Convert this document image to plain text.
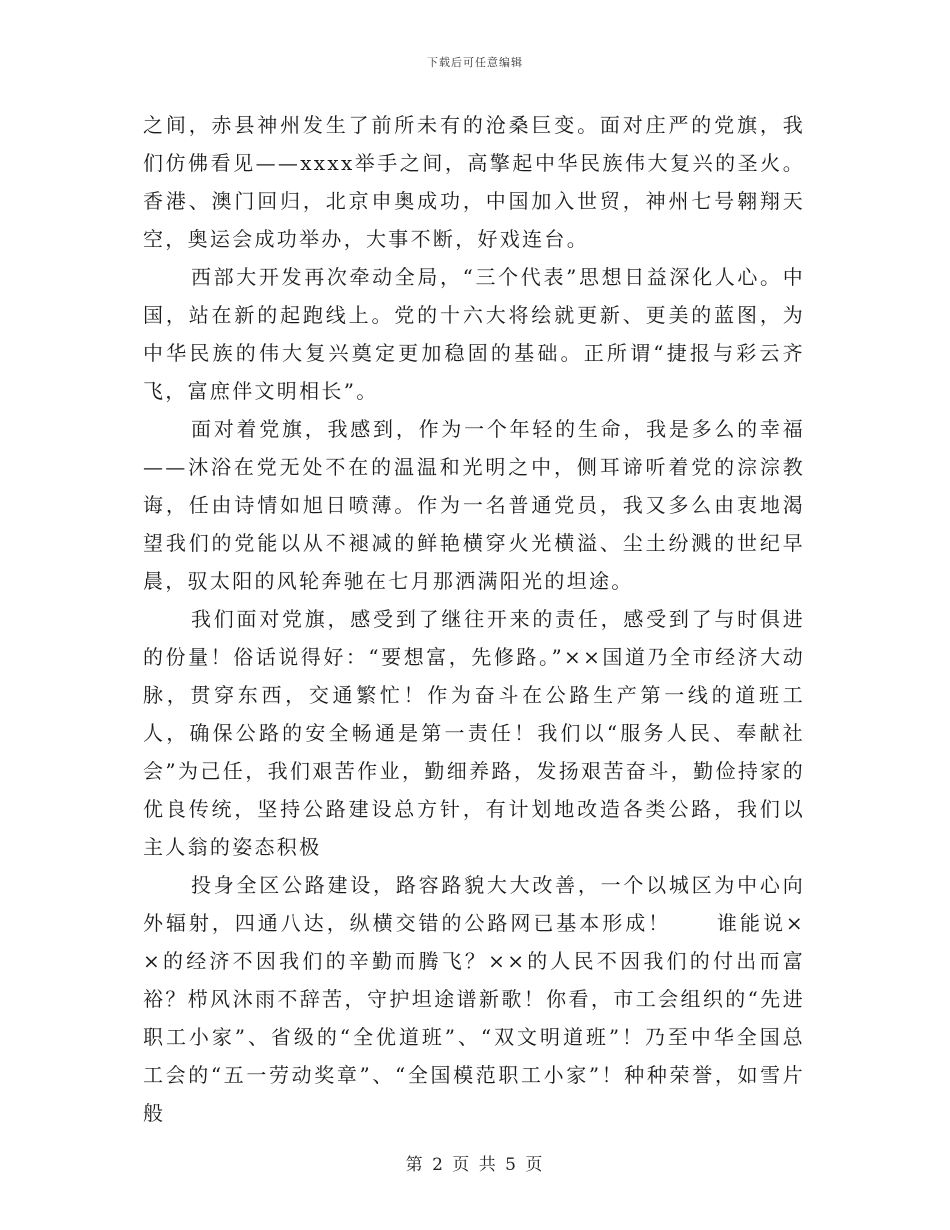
下载后可任意编辑

之间，赤县神州发生了前所未有的沧桑巨变。面对庄严的党旗，我们仿佛看见——xxxx举手之间，高擎起中华民族伟大复兴的圣火。香港、澳门回归，北京申奥成功，中国加入世贸，神州七号翱翔天空，奥运会成功举办，大事不断，好戏连台。

西部大开发再次牵动全局，“三个代表”思想日益深化人心。中国，站在新的起跑线上。党的十六大将绘就更新、更美的蓝图，为中华民族的伟大复兴奠定更加稳固的基础。正所谓“捷报与彩云齐飞，富庶伴文明相长”。

面对着党旗，我感到，作为一个年轻的生命，我是多么的幸福——沐浴在党无处不在的温温和光明之中，侧耳谛听着党的淙淙教诲，任由诗情如旭日喷薄。作为一名普通党员，我又多么由衷地渴望我们的党能以从不褪减的鲜艳横穿火光横溢、尘土纷溅的世纪早晨，驭太阳的风轮奔驰在七月那洒满阳光的坦途。

我们面对党旗，感受到了继往开来的责任，感受到了与时俱进的份量！俗话说得好：“要想富，先修路。”××国道乃全市经济大动脉，贯穿东西，交通繁忙！作为奋斗在公路生产第一线的道班工人，确保公路的安全畅通是第一责任！我们以“服务人民、奉献社会”为己任，我们艰苦作业，勤细养路，发扬艰苦奋斗，勤俭持家的优良传统，坚持公路建设总方针，有计划地改造各类公路，我们以主人翁的姿态积极

投身全区公路建设，路容路貌大大改善，一个以城区为中心向外辐射，四通八达，纵横交错的公路网已基本形成！　　谁能说××的经济不因我们的辛勤而腾飞？××的人民不因我们的付出而富裕？栉风沐雨不辞苦，守护坦途谱新歌！你看，市工会组织的“先进职工小家”、省级的“全优道班”、“双文明道班”！乃至中华全国总工会的“五一劳动奖章”、“全国模范职工小家”！种种荣誉，如雪片般

第 2 页 共 5 页
